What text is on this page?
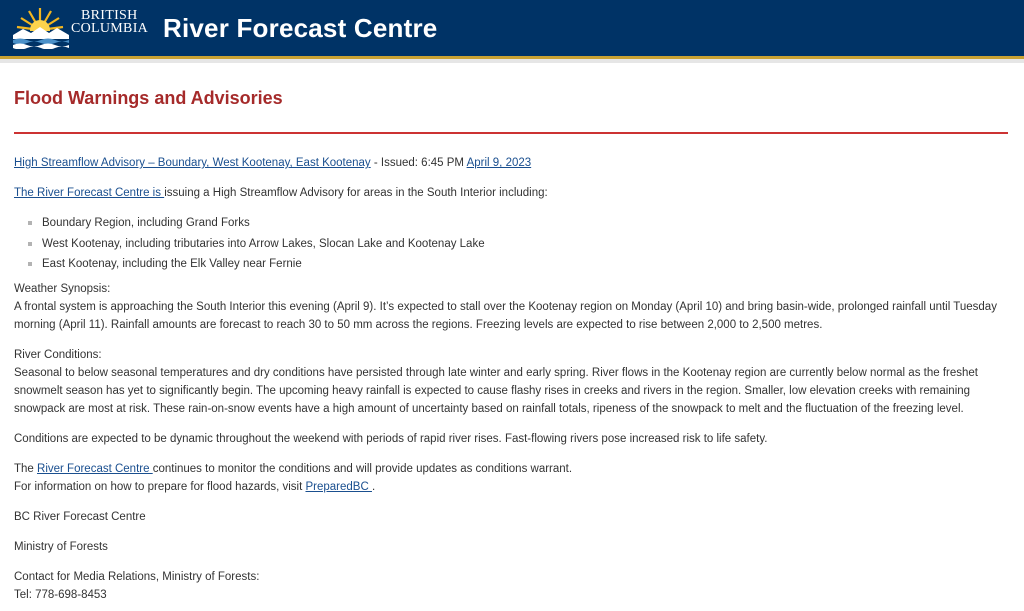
BRITISH
COLUMBIA River Forecast Centre
Flood Warnings and Advisories

High Streamflow Advisory – Boundary, West Kootenay, East Kootenay - Issued: 6:45 PM April 9, 2023

The River Forecast Centre is issuing a High Streamflow Advisory for areas in the South Interior including:

Boundary Region, including Grand Forks
West Kootenay, including tributaries into Arrow Lakes, Slocan Lake and Kootenay Lake
East Kootenay, including the Elk Valley near Fernie

Weather Synopsis:
A frontal system is approaching the South Interior this evening (April 9). It’s expected to stall over the Kootenay region on Monday (April 10) and bring basin-wide, prolonged rainfall until Tuesday morning (April 11). Rainfall amounts are forecast to reach 30 to 50 mm across the regions. Freezing levels are expected to rise between 2,000 to 2,500 metres.

River Conditions:
Seasonal to below seasonal temperatures and dry conditions have persisted through late winter and early spring. River flows in the Kootenay region are currently below normal as the freshet snowmelt season has yet to significantly begin. The upcoming heavy rainfall is expected to cause flashy rises in creeks and rivers in the region. Smaller, low elevation creeks with remaining snowpack are most at risk. These rain-on-snow events have a high amount of uncertainty based on rainfall totals, ripeness of the snowpack to melt and the fluctuation of the freezing level.

Conditions are expected to be dynamic throughout the weekend with periods of rapid river rises. Fast-flowing rivers pose increased risk to life safety.

The River Forecast Centre continues to monitor the conditions and will provide updates as conditions warrant.
For information on how to prepare for flood hazards, visit PreparedBC .

BC River Forecast Centre

Ministry of Forests

Contact for Media Relations, Ministry of Forests:
Tel: 778-698-8453
